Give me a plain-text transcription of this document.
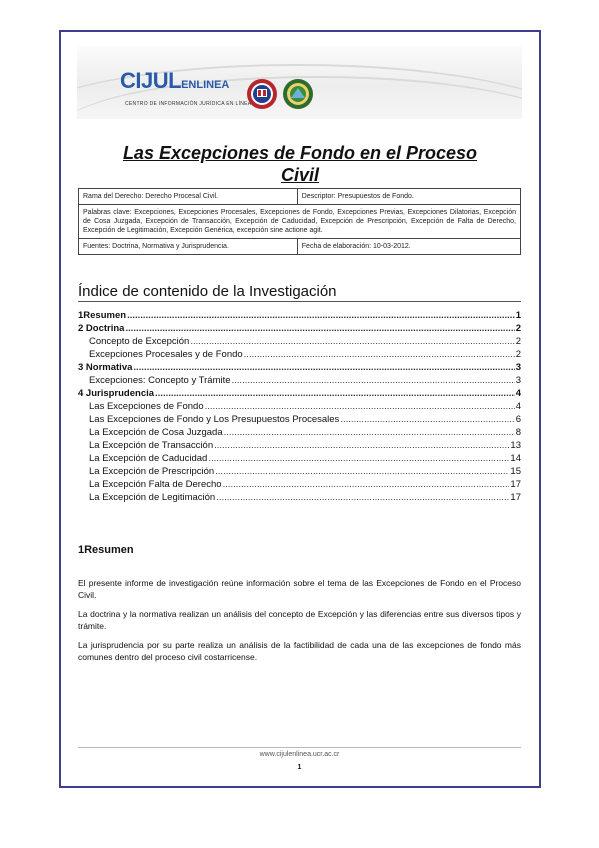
CIJULENLINEA
CENTRO DE INFORMACIÓN JURÍDICA EN LÍNEA
Las Excepciones de Fondo en el Proceso
Civil
Rama del Derecho: Derecho Procesal Civil.	Descriptor: Presupuestos de Fondo.
Palabras clave: Excepciones, Excepciones Procesales, Excepciones de Fondo, Excepciones Previas, Excepciones Dilatorias, Excepción de Cosa Juzgada, Excepción de Transacción, Excepción de Caducidad, Excepción de Prescripción, Excepción de Falta de Derecho, Excepción de Legitimación, Excepción Genérica, excepción sine actione agit.	
Fuentes: Doctrina, Normativa y Jurisprudencia.	Fecha de elaboración: 10-03-2012.
Índice de contenido de la Investigación
1Resumen .....	1
2 Doctrina .....	2
Concepto de Excepción .....	2
Excepciones Procesales y de Fondo .....	2
3 Normativa .....	3
Excepciones: Concepto y Trámite .....	3
4 Jurisprudencia .....	4
Las Excepciones de Fondo .....	4
Las Excepciones de Fondo y Los Presupuestos Procesales .....	6
La Excepción de Cosa Juzgada .....	8
La Excepción de Transacción .....	13
La Excepción de Caducidad .....	14
La Excepción de Prescripción .....	15
La Excepción Falta de Derecho .....	17
La Excepción de Legitimación .....	17
1Resumen

El presente informe de investigación reúne información sobre el tema de las Excepciones de Fondo en el Proceso Civil.

La doctrina y la normativa realizan un análisis del concepto de Excepción y las diferencias entre sus diversos tipos y trámite.

La jurisprudencia por su parte realiza un análisis de la factibilidad de cada una de las excepciones de fondo más comunes dentro del proceso civil costarricense.

www.cijulenlinea.ucr.ac.cr
1
